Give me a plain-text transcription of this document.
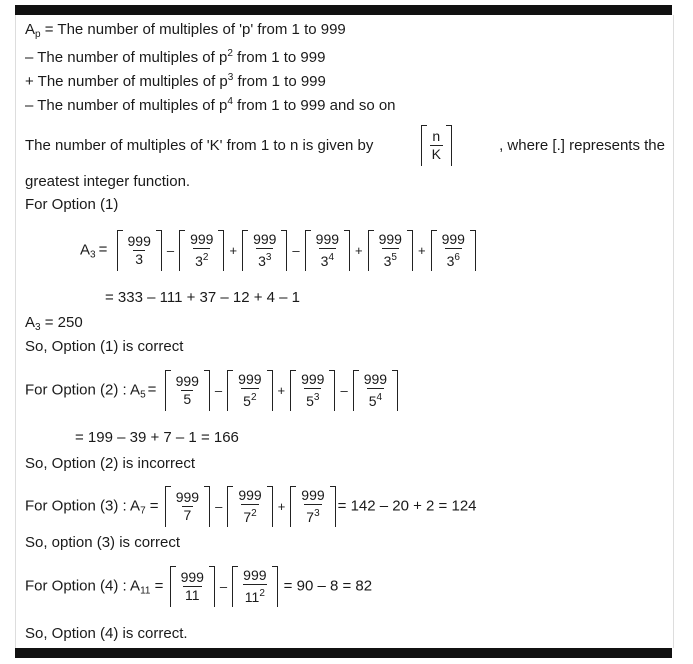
$A_p$ = The number of multiples of 'p' from 1 to 999
– The number of multiples of $p^2$ from 1 to 999
+ The number of multiples of $p^3$ from 1 to 999
– The number of multiples of $p^4$ from 1 to 999 and so on
The number of multiples of 'K' from 1 to n is given by	$\frac{n}{K}$	, where [.] represents the
greatest integer function.
For Option (1)
$A_3 = \frac{999}{3} - \frac{999}{3^2} + \frac{999}{3^3} - \frac{999}{3^4} + \frac{999}{3^5} + \frac{999}{3^6}$
= 333 – 111 + 37 – 12 + 4 – 1
$A_3 = 250$
So, Option (1) is correct
For Option (2) : $A_5 = \frac{999}{5} - \frac{999}{5^2} + \frac{999}{5^3} - \frac{999}{5^4}$
= 199 – 39 + 7 – 1 = 166
So, Option (2) is incorrect
For Option (3) : $A_7 = \frac{999}{7} - \frac{999}{7^2} + \frac{999}{7^3} = 142 - 20 + 2 = 124$
So, option (3) is correct
For Option (4) : $A_{11} = \frac{999}{11} - \frac{999}{11^2} = 90 - 8 = 82$
So, Option (4) is correct.
